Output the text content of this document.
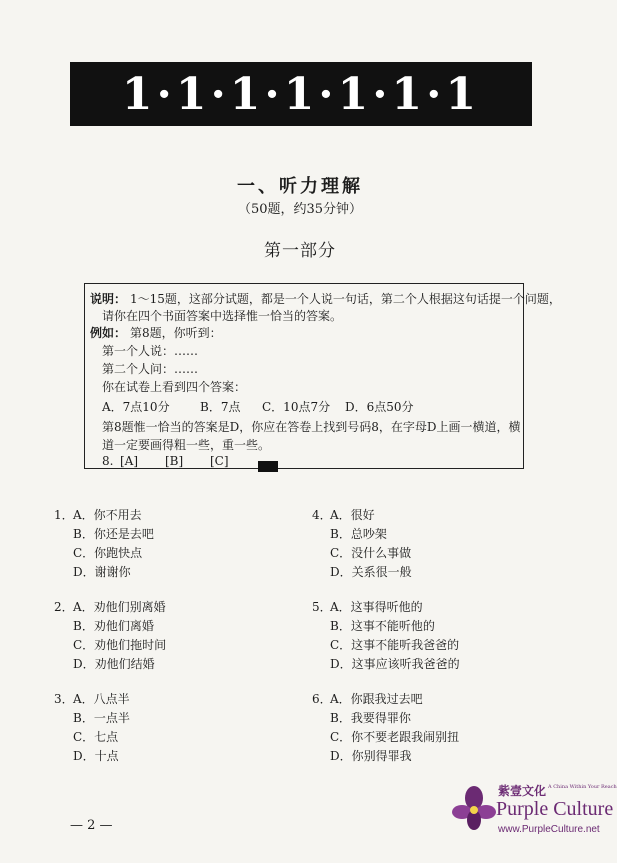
1·1·1·1·1·1·1
一、听力理解
（50题，约35分钟）
第一部分
说明： 1～15题，这部分试题，都是一个人说一句话，第二个人根据这句话提一个问题，
请你在四个书面答案中选择惟一恰当的答案。
例如： 第8题，你听到：
第一个人说：……
第二个人问：……
你在试卷上看到四个答案：
A．7点10分	B．7点 C．10点7分 D．6点50分
第8题惟一恰当的答案是D，你应在答卷上找到号码8，在字母D上画一横道，横
道一定要画得粗一些，重一些。
8. [A] [B] [C]
1． A．你不用去
B．你还是去吧
C．你跑快点
D．谢谢你
4．
A．很好
B．总吵架
C．没什么事做
D．关系很一般
2． A．劝他们别离婚
B．劝他们离婚
C．劝他们拖时间
D．劝他们结婚
5．
A．这事得听他的
B．这事不能听他的
C．这事不能听我爸爸的
D．这事应该听我爸爸的
3． A．八点半
B．一点半
C．七点
D．十点
6．
A．你跟我过去吧
B．我要得罪你
C．你不要老跟我闹别扭
D．你别得罪我
— 2 —
紫壹文化 A China Within Your Reach
Purple Culture
www.PurpleCulture.net
